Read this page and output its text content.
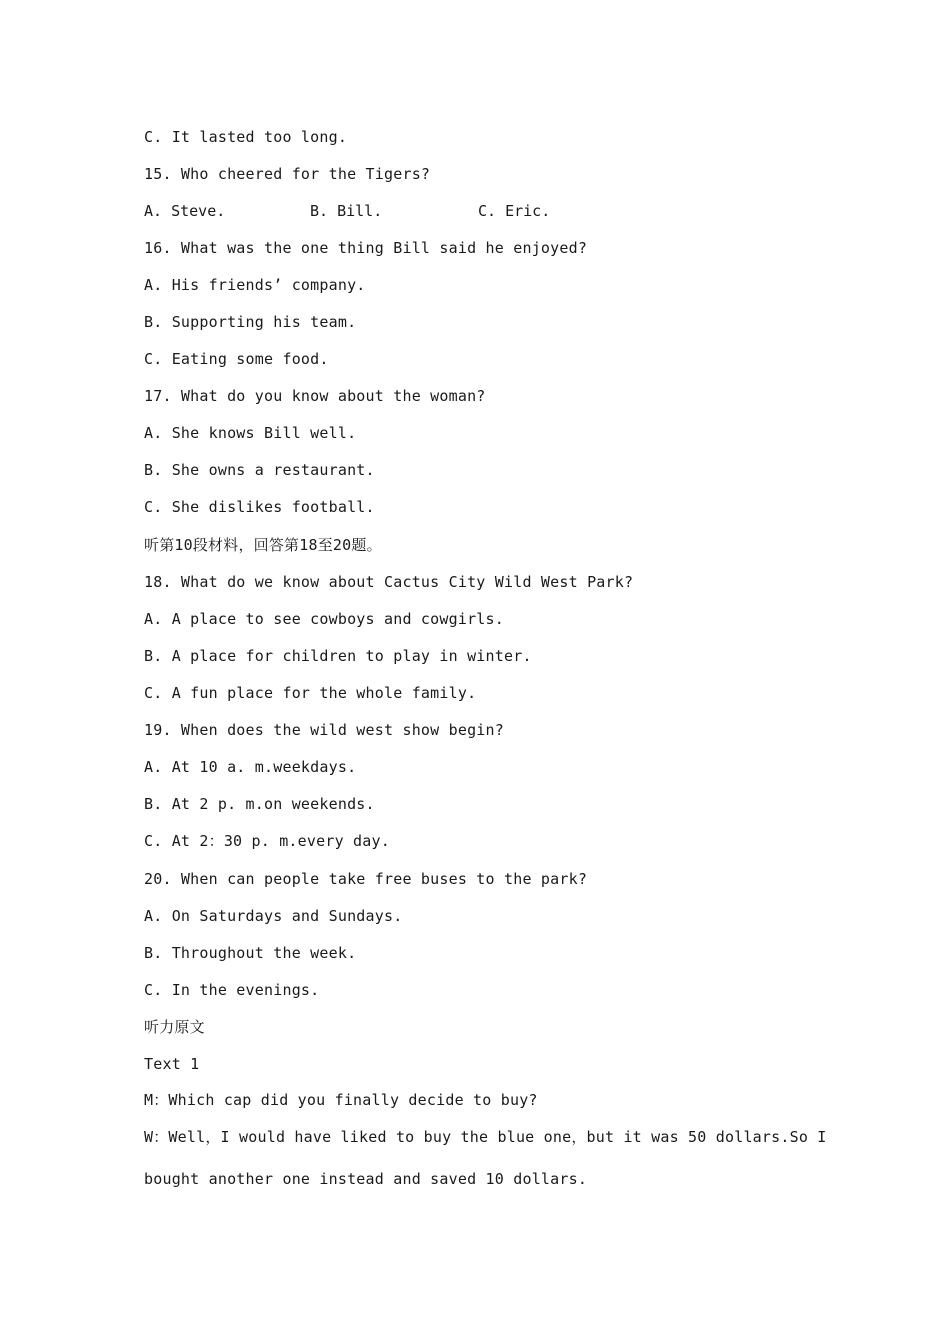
C. It lasted too long.
15. Who cheered for the Tigers?
A. Steve.	B. Bill.	C. Eric.
16. What was the one thing Bill said he enjoyed?
A. His friends’ company.
B. Supporting his team.
C. Eating some food.
17. What do you know about the woman?
A. She knows Bill well.
B. She owns a restaurant.
C. She dislikes football.
听第10段材料，回答第18至20题。
18. What do we know about Cactus City Wild West Park?
A. A place to see cowboys and cowgirls.
B. A place for children to play in winter.
C. A fun place for the whole family.
19. When does the wild west show begin?
A. At 10 a. m.weekdays.
B. At 2 p. m.on weekends.
C. At 2：30 p. m.every day.
20. When can people take free buses to the park?
A. On Saturdays and Sundays.
B. Throughout the week.
C. In the evenings.
听力原文
Text 1
M：Which cap did you finally decide to buy?
W：Well，I would have liked to buy the blue one，but it was 50 dollars.So I
bought another one instead and saved 10 dollars.
